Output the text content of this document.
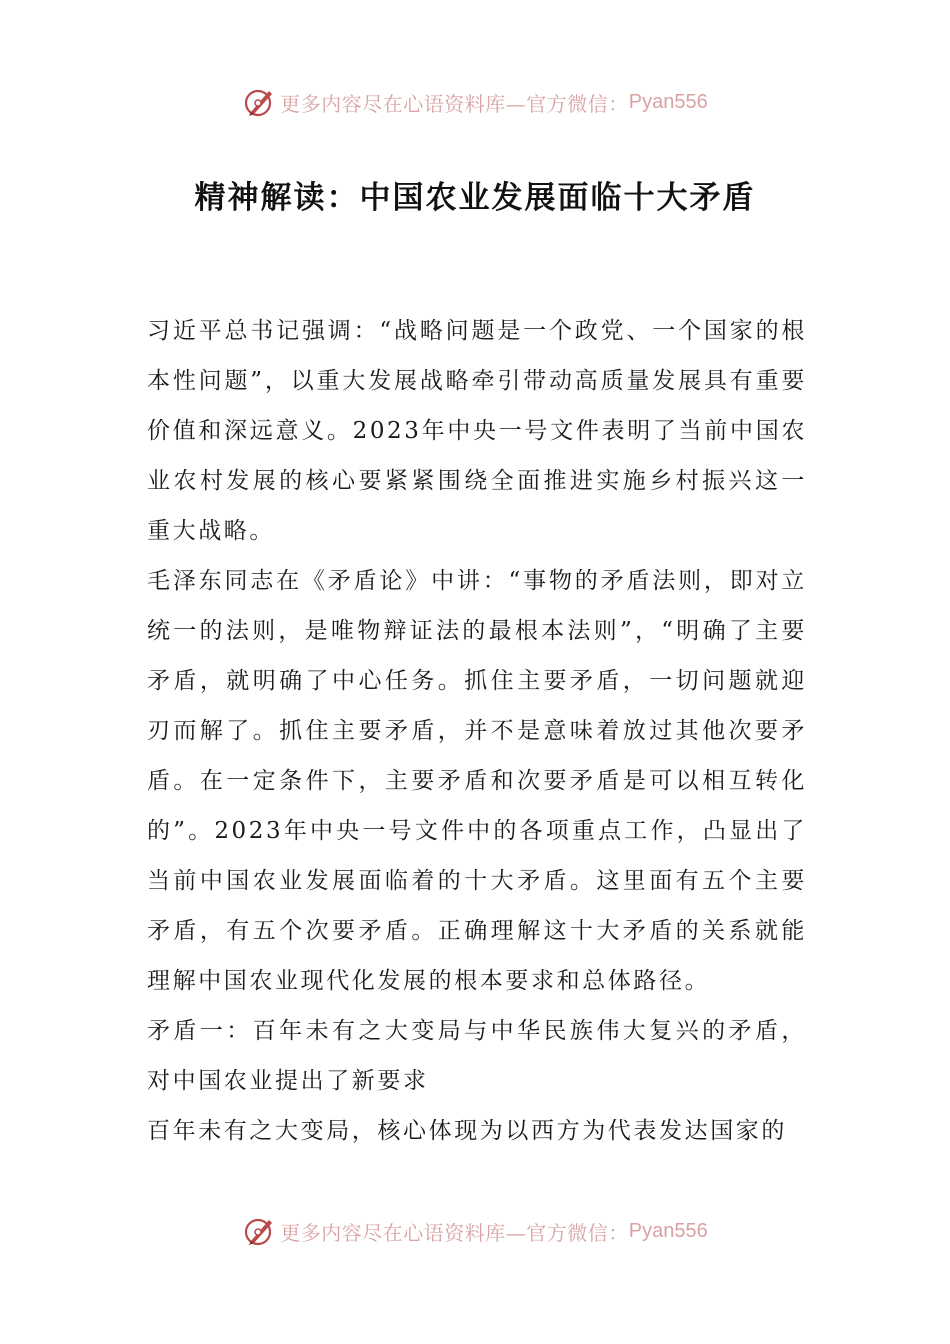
更多内容尽在心语资料库—官方微信： Pyan556
精神解读：中国农业发展面临十大矛盾

习近平总书记强调：“战略问题是一个政党、一个国家的根本性问题”，以重大发展战略牵引带动高质量发展具有重要价值和深远意义。2023年中央一号文件表明了当前中国农业农村发展的核心要紧紧围绕全面推进实施乡村振兴这一重大战略。

毛泽东同志在《矛盾论》中讲：“事物的矛盾法则，即对立统一的法则，是唯物辩证法的最根本法则”，“明确了主要矛盾，就明确了中心任务。抓住主要矛盾，一切问题就迎刃而解了。抓住主要矛盾，并不是意味着放过其他次要矛盾。在一定条件下，主要矛盾和次要矛盾是可以相互转化的”。2023年中央一号文件中的各项重点工作，凸显出了当前中国农业发展面临着的十大矛盾。这里面有五个主要矛盾，有五个次要矛盾。正确理解这十大矛盾的关系就能理解中国农业现代化发展的根本要求和总体路径。

矛盾一：百年未有之大变局与中华民族伟大复兴的矛盾，对中国农业提出了新要求

百年未有之大变局，核心体现为以西方为代表发达国家的

更多内容尽在心语资料库—官方微信： Pyan556
